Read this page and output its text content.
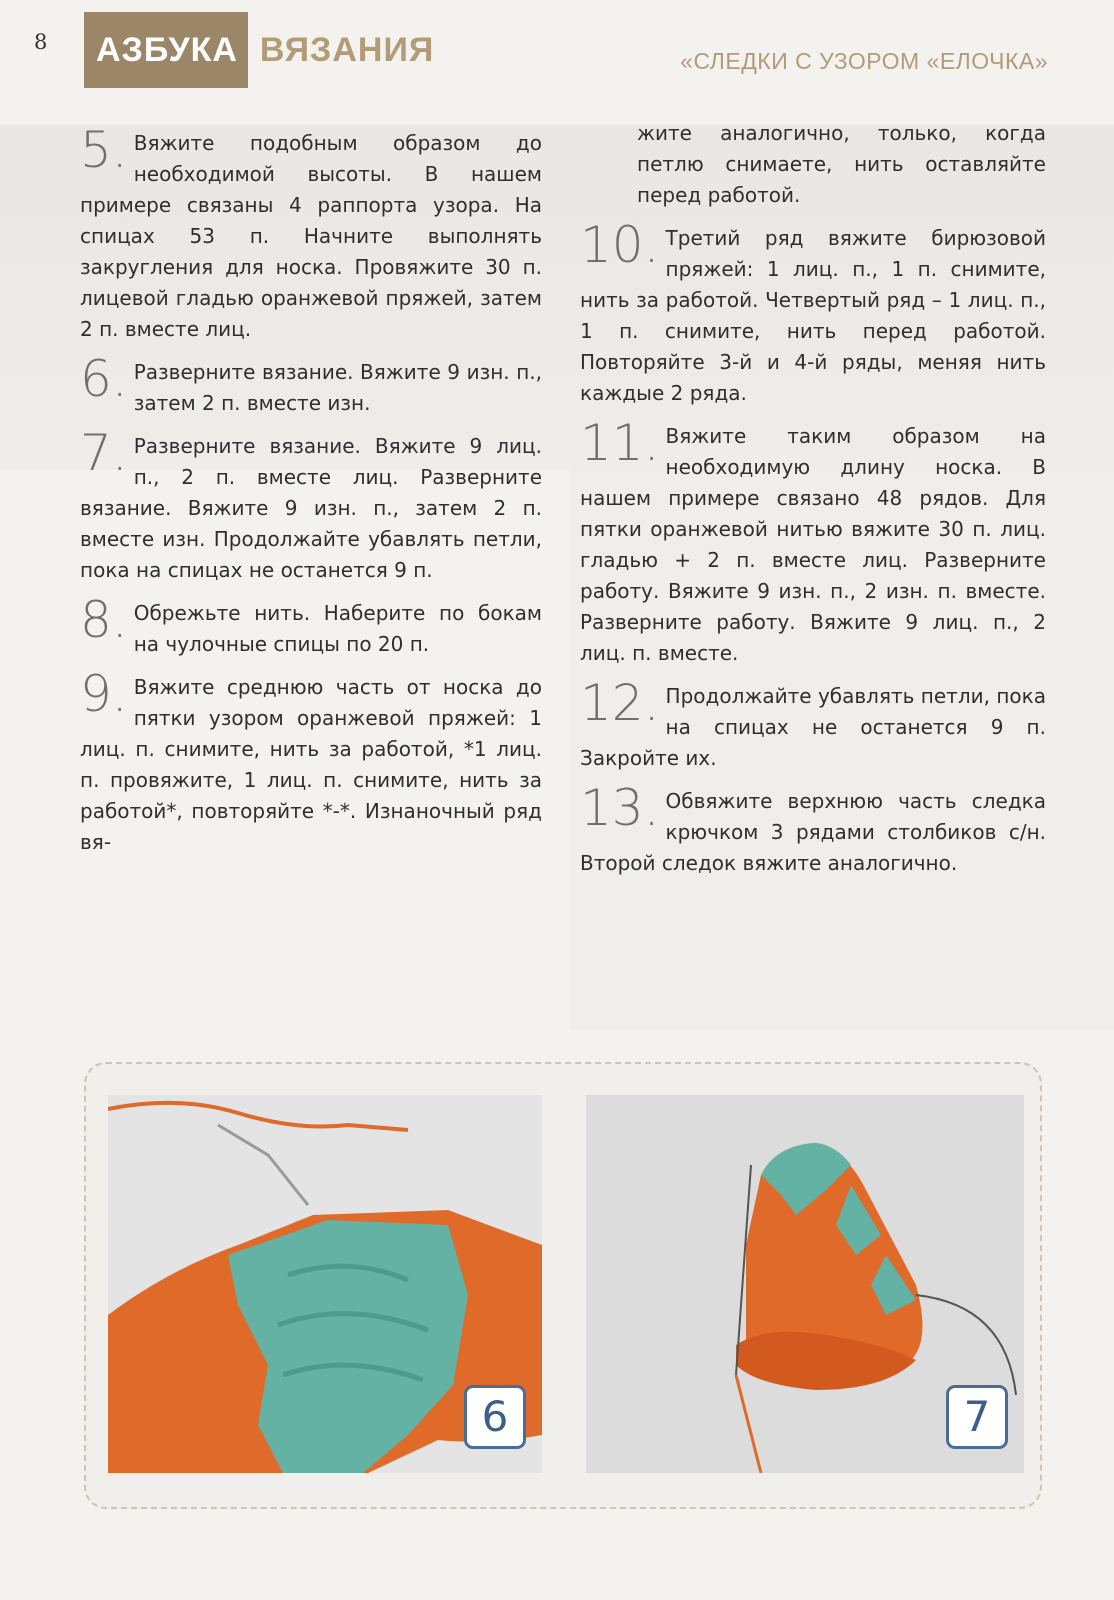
8	АЗБУКА ВЯЗАНИЯ	«СЛЕДКИ С УЗОРОМ «ЕЛОЧКА»
5. Вяжите подобным образом до необходимой высоты. В нашем примере связаны 4 раппорта узора. На спицах 53 п. Начните выполнять закругления для носка. Провяжите 30 п. лицевой гладью оранжевой пряжей, затем 2 п. вместе лиц.
6. Разверните вязание. Вяжите 9 изн. п., затем 2 п. вместе изн.
7. Разверните вязание. Вяжите 9 лиц. п., 2 п. вместе лиц. Разверните вязание. Вяжите 9 изн. п., затем 2 п. вместе изн. Продолжайте убавлять петли, пока на спицах не останется 9 п.
8. Обрежьте нить. Наберите по бокам на чулочные спицы по 20 п.
9. Вяжите среднюю часть от носка до пятки узором оранжевой пряжей: 1 лиц. п. снимите, нить за работой, *1 лиц. п. провяжите, 1 лиц. п. снимите, нить за работой*, повторяйте *-*. Изнаночный ряд вя-
жите аналогично, только, когда петлю снимаете, нить оставляйте перед работой.
10. Третий ряд вяжите бирюзовой пряжей: 1 лиц. п., 1 п. снимите, нить за работой. Четвертый ряд – 1 лиц. п., 1 п. снимите, нить перед работой. Повторяйте 3-й и 4-й ряды, меняя нить каждые 2 ряда.
11. Вяжите таким образом на необходимую длину носка. В нашем примере связано 48 рядов. Для пятки оранжевой нитью вяжите 30 п. лиц. гладью + 2 п. вместе лиц. Разверните работу. Вяжите 9 изн. п., 2 изн. п. вместе. Разверните работу. Вяжите 9 лиц. п., 2 лиц. п. вместе.
12. Продолжайте убавлять петли, пока на спицах не останется 9 п. Закройте их.
13. Обвяжите верхнюю часть следка крючком 3 рядами столбиков с/н. Второй следок вяжите аналогично.
6	7
